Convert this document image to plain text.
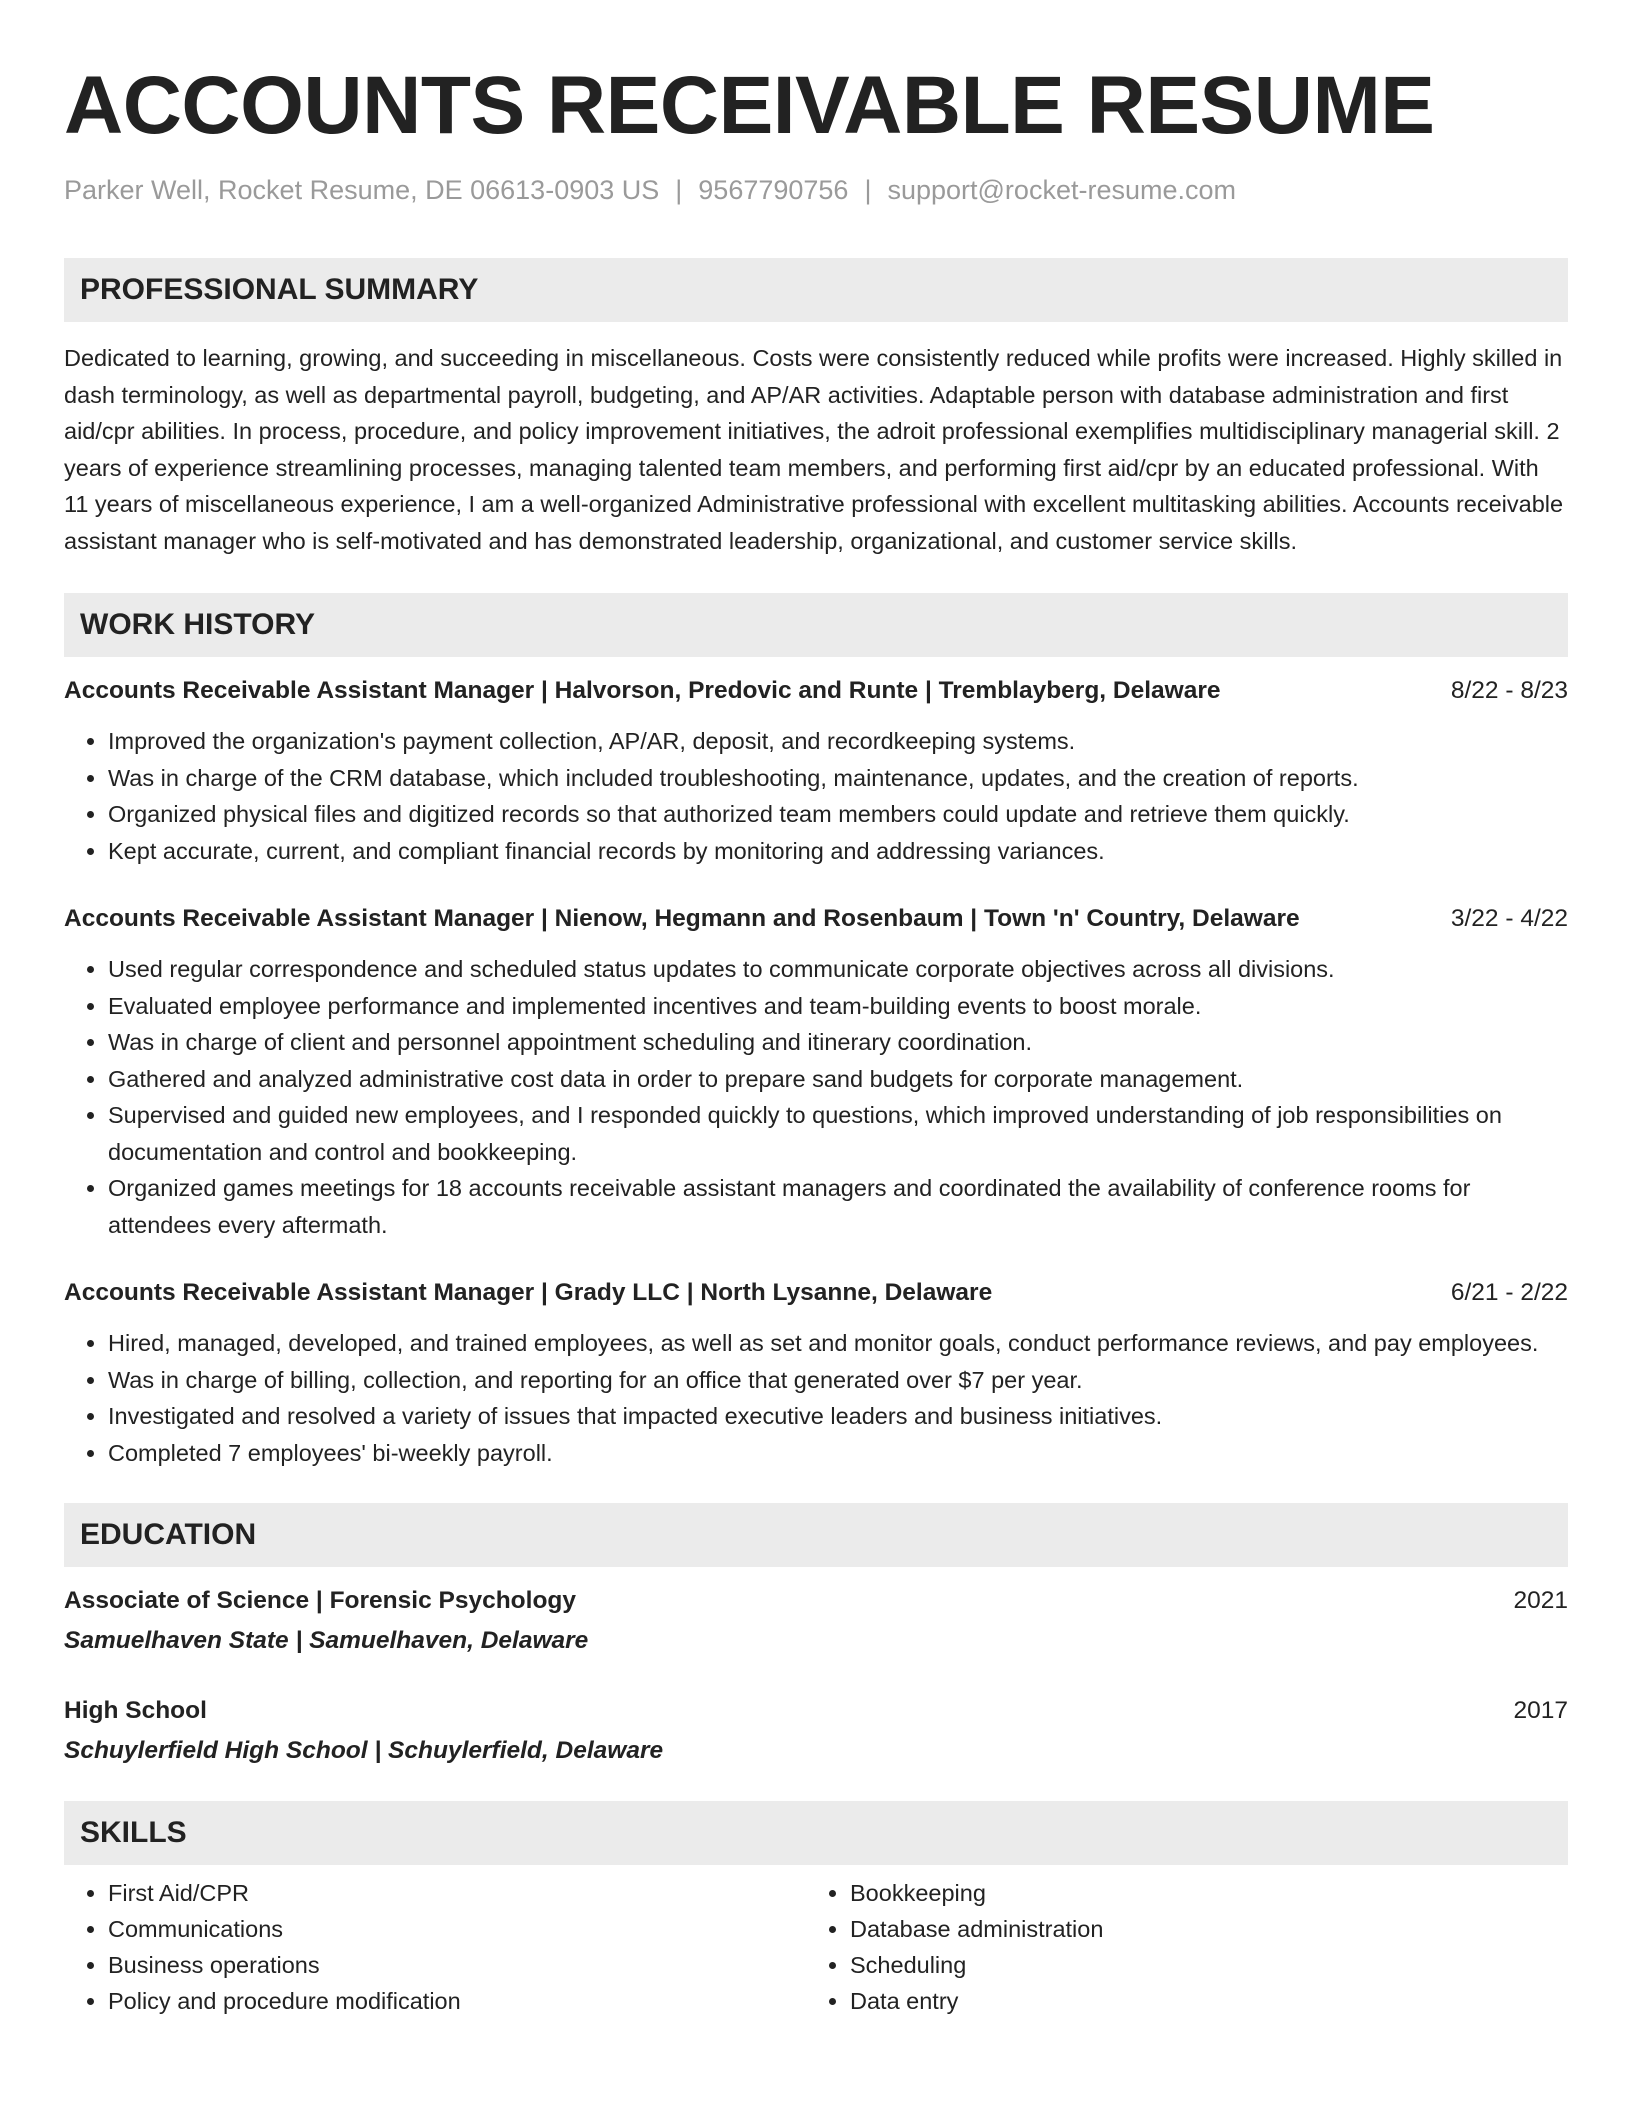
ACCOUNTS RECEIVABLE RESUME
Parker Well, Rocket Resume, DE 06613-0903 US | 9567790756 | support@rocket-resume.com
PROFESSIONAL SUMMARY

Dedicated to learning, growing, and succeeding in miscellaneous. Costs were consistently reduced while profits were increased. Highly skilled in dash terminology, as well as departmental payroll, budgeting, and AP/AR activities. Adaptable person with database administration and first aid/cpr abilities. In process, procedure, and policy improvement initiatives, the adroit professional exemplifies multidisciplinary managerial skill. 2 years of experience streamlining processes, managing talented team members, and performing first aid/cpr by an educated professional. With 11 years of miscellaneous experience, I am a well-organized Administrative professional with excellent multitasking abilities. Accounts receivable assistant manager who is self-motivated and has demonstrated leadership, organizational, and customer service skills.

WORK HISTORY
Accounts Receivable Assistant Manager | Halvorson, Predovic and Runte | Tremblayberg, Delaware	8/22 - 8/23
• Improved the organization's payment collection, AP/AR, deposit, and recordkeeping systems.
• Was in charge of the CRM database, which included troubleshooting, maintenance, updates, and the creation of reports.
• Organized physical files and digitized records so that authorized team members could update and retrieve them quickly.
• Kept accurate, current, and compliant financial records by monitoring and addressing variances.
Accounts Receivable Assistant Manager | Nienow, Hegmann and Rosenbaum | Town 'n' Country, Delaware	3/22 - 4/22
• Used regular correspondence and scheduled status updates to communicate corporate objectives across all divisions.
• Evaluated employee performance and implemented incentives and team-building events to boost morale.
• Was in charge of client and personnel appointment scheduling and itinerary coordination.
• Gathered and analyzed administrative cost data in order to prepare sand budgets for corporate management.
• Supervised and guided new employees, and I responded quickly to questions, which improved understanding of job responsibilities on documentation and control and bookkeeping.
• Organized games meetings for 18 accounts receivable assistant managers and coordinated the availability of conference rooms for attendees every aftermath.
Accounts Receivable Assistant Manager | Grady LLC | North Lysanne, Delaware	6/21 - 2/22
• Hired, managed, developed, and trained employees, as well as set and monitor goals, conduct performance reviews, and pay employees.
• Was in charge of billing, collection, and reporting for an office that generated over $7 per year.
• Investigated and resolved a variety of issues that impacted executive leaders and business initiatives.
• Completed 7 employees' bi-weekly payroll.
EDUCATION
Associate of Science | Forensic Psychology	2021
Samuelhaven State | Samuelhaven, Delaware
High School	2017
Schuylerfield High School | Schuylerfield, Delaware
SKILLS
• First Aid/CPR
• Communications
• Business operations
• Policy and procedure modification
• Bookkeeping
• Database administration
• Scheduling
• Data entry
